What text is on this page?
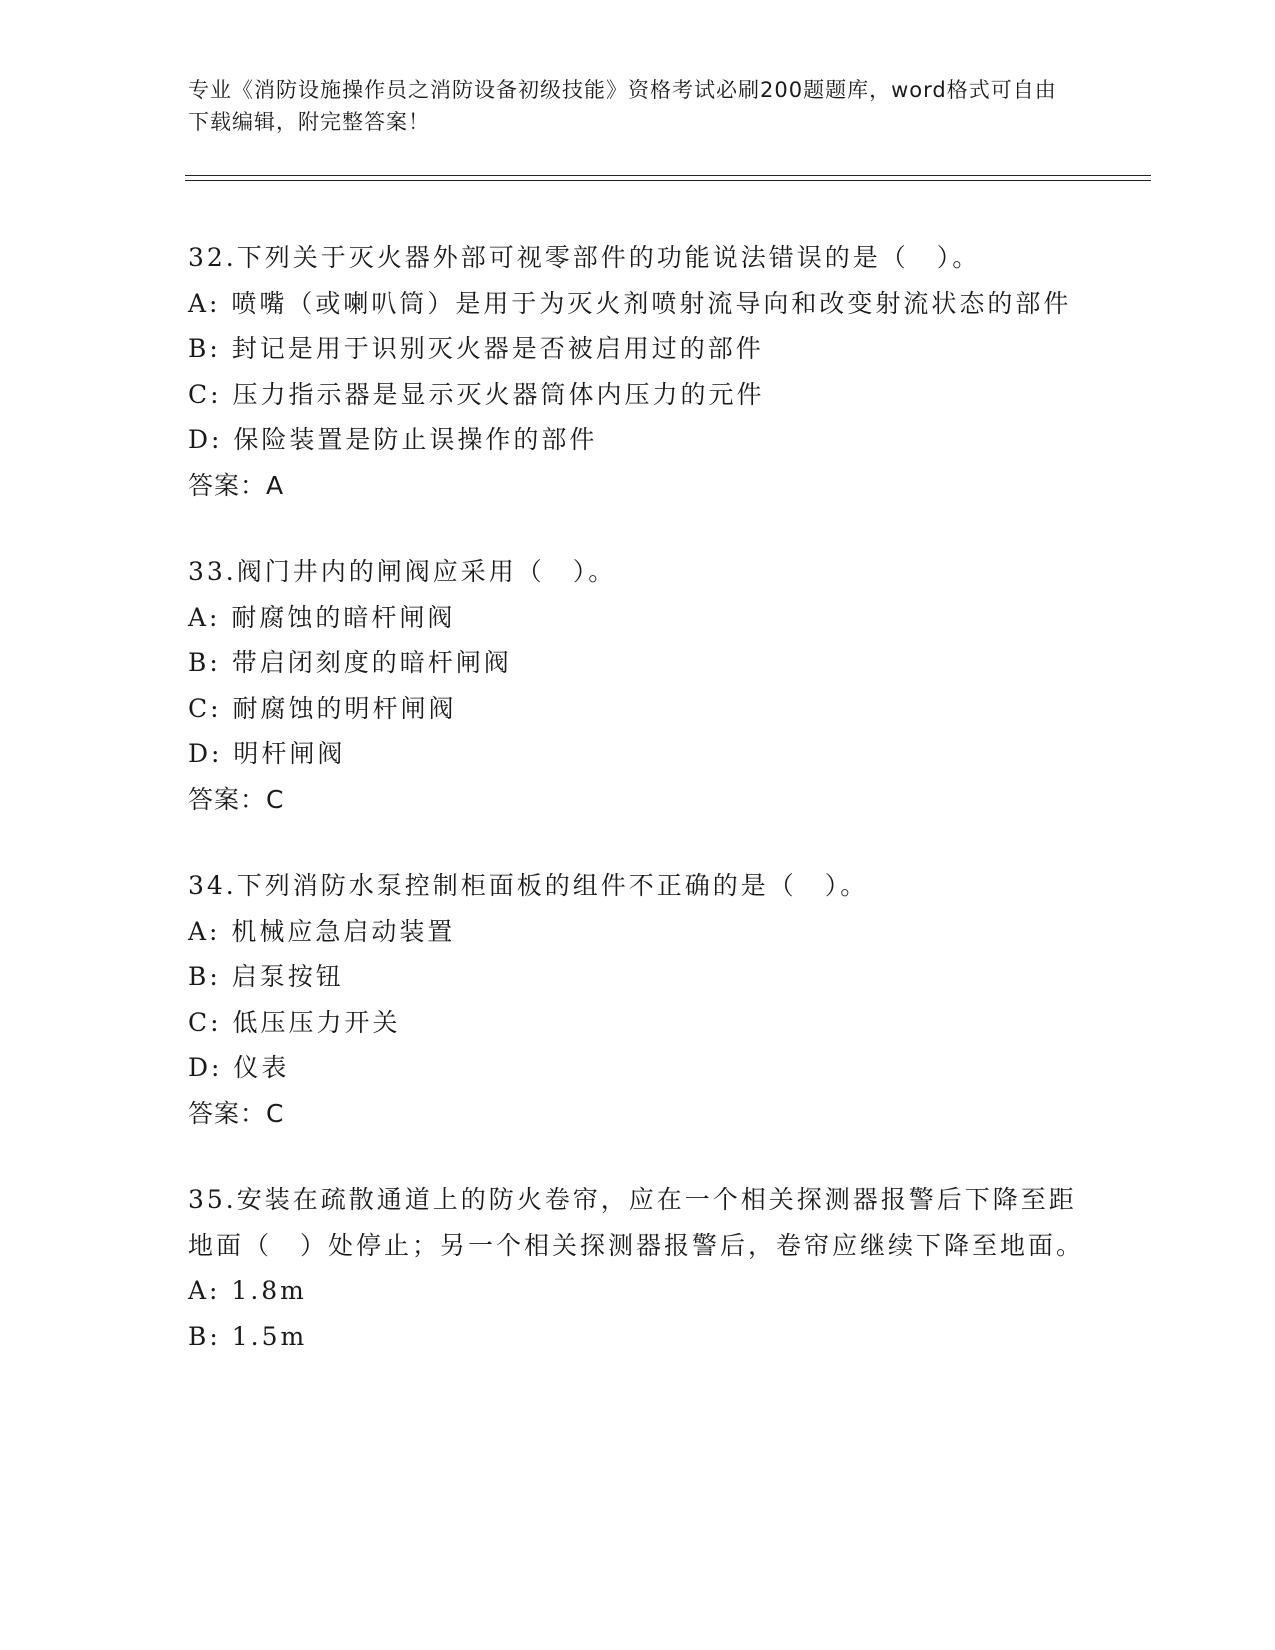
专业《消防设施操作员之消防设备初级技能》资格考试必刷200题题库，word格式可自由下载编辑，附完整答案！
32.下列关于灭火器外部可视零部件的功能说法错误的是（　）。
A: 喷嘴（或喇叭筒）是用于为灭火剂喷射流导向和改变射流状态的部件
B: 封记是用于识别灭火器是否被启用过的部件
C: 压力指示器是显示灭火器筒体内压力的元件
D: 保险装置是防止误操作的部件
答案：A
33.阀门井内的闸阀应采用（　）。
A: 耐腐蚀的暗杆闸阀
B: 带启闭刻度的暗杆闸阀
C: 耐腐蚀的明杆闸阀
D: 明杆闸阀
答案：C
34.下列消防水泵控制柜面板的组件不正确的是（　）。
A: 机械应急启动装置
B: 启泵按钮
C: 低压压力开关
D: 仪表
答案：C
35.安装在疏散通道上的防火卷帘，应在一个相关探测器报警后下降至距地面（　）处停止；另一个相关探测器报警后，卷帘应继续下降至地面。
A: 1.8m
B: 1.5m
